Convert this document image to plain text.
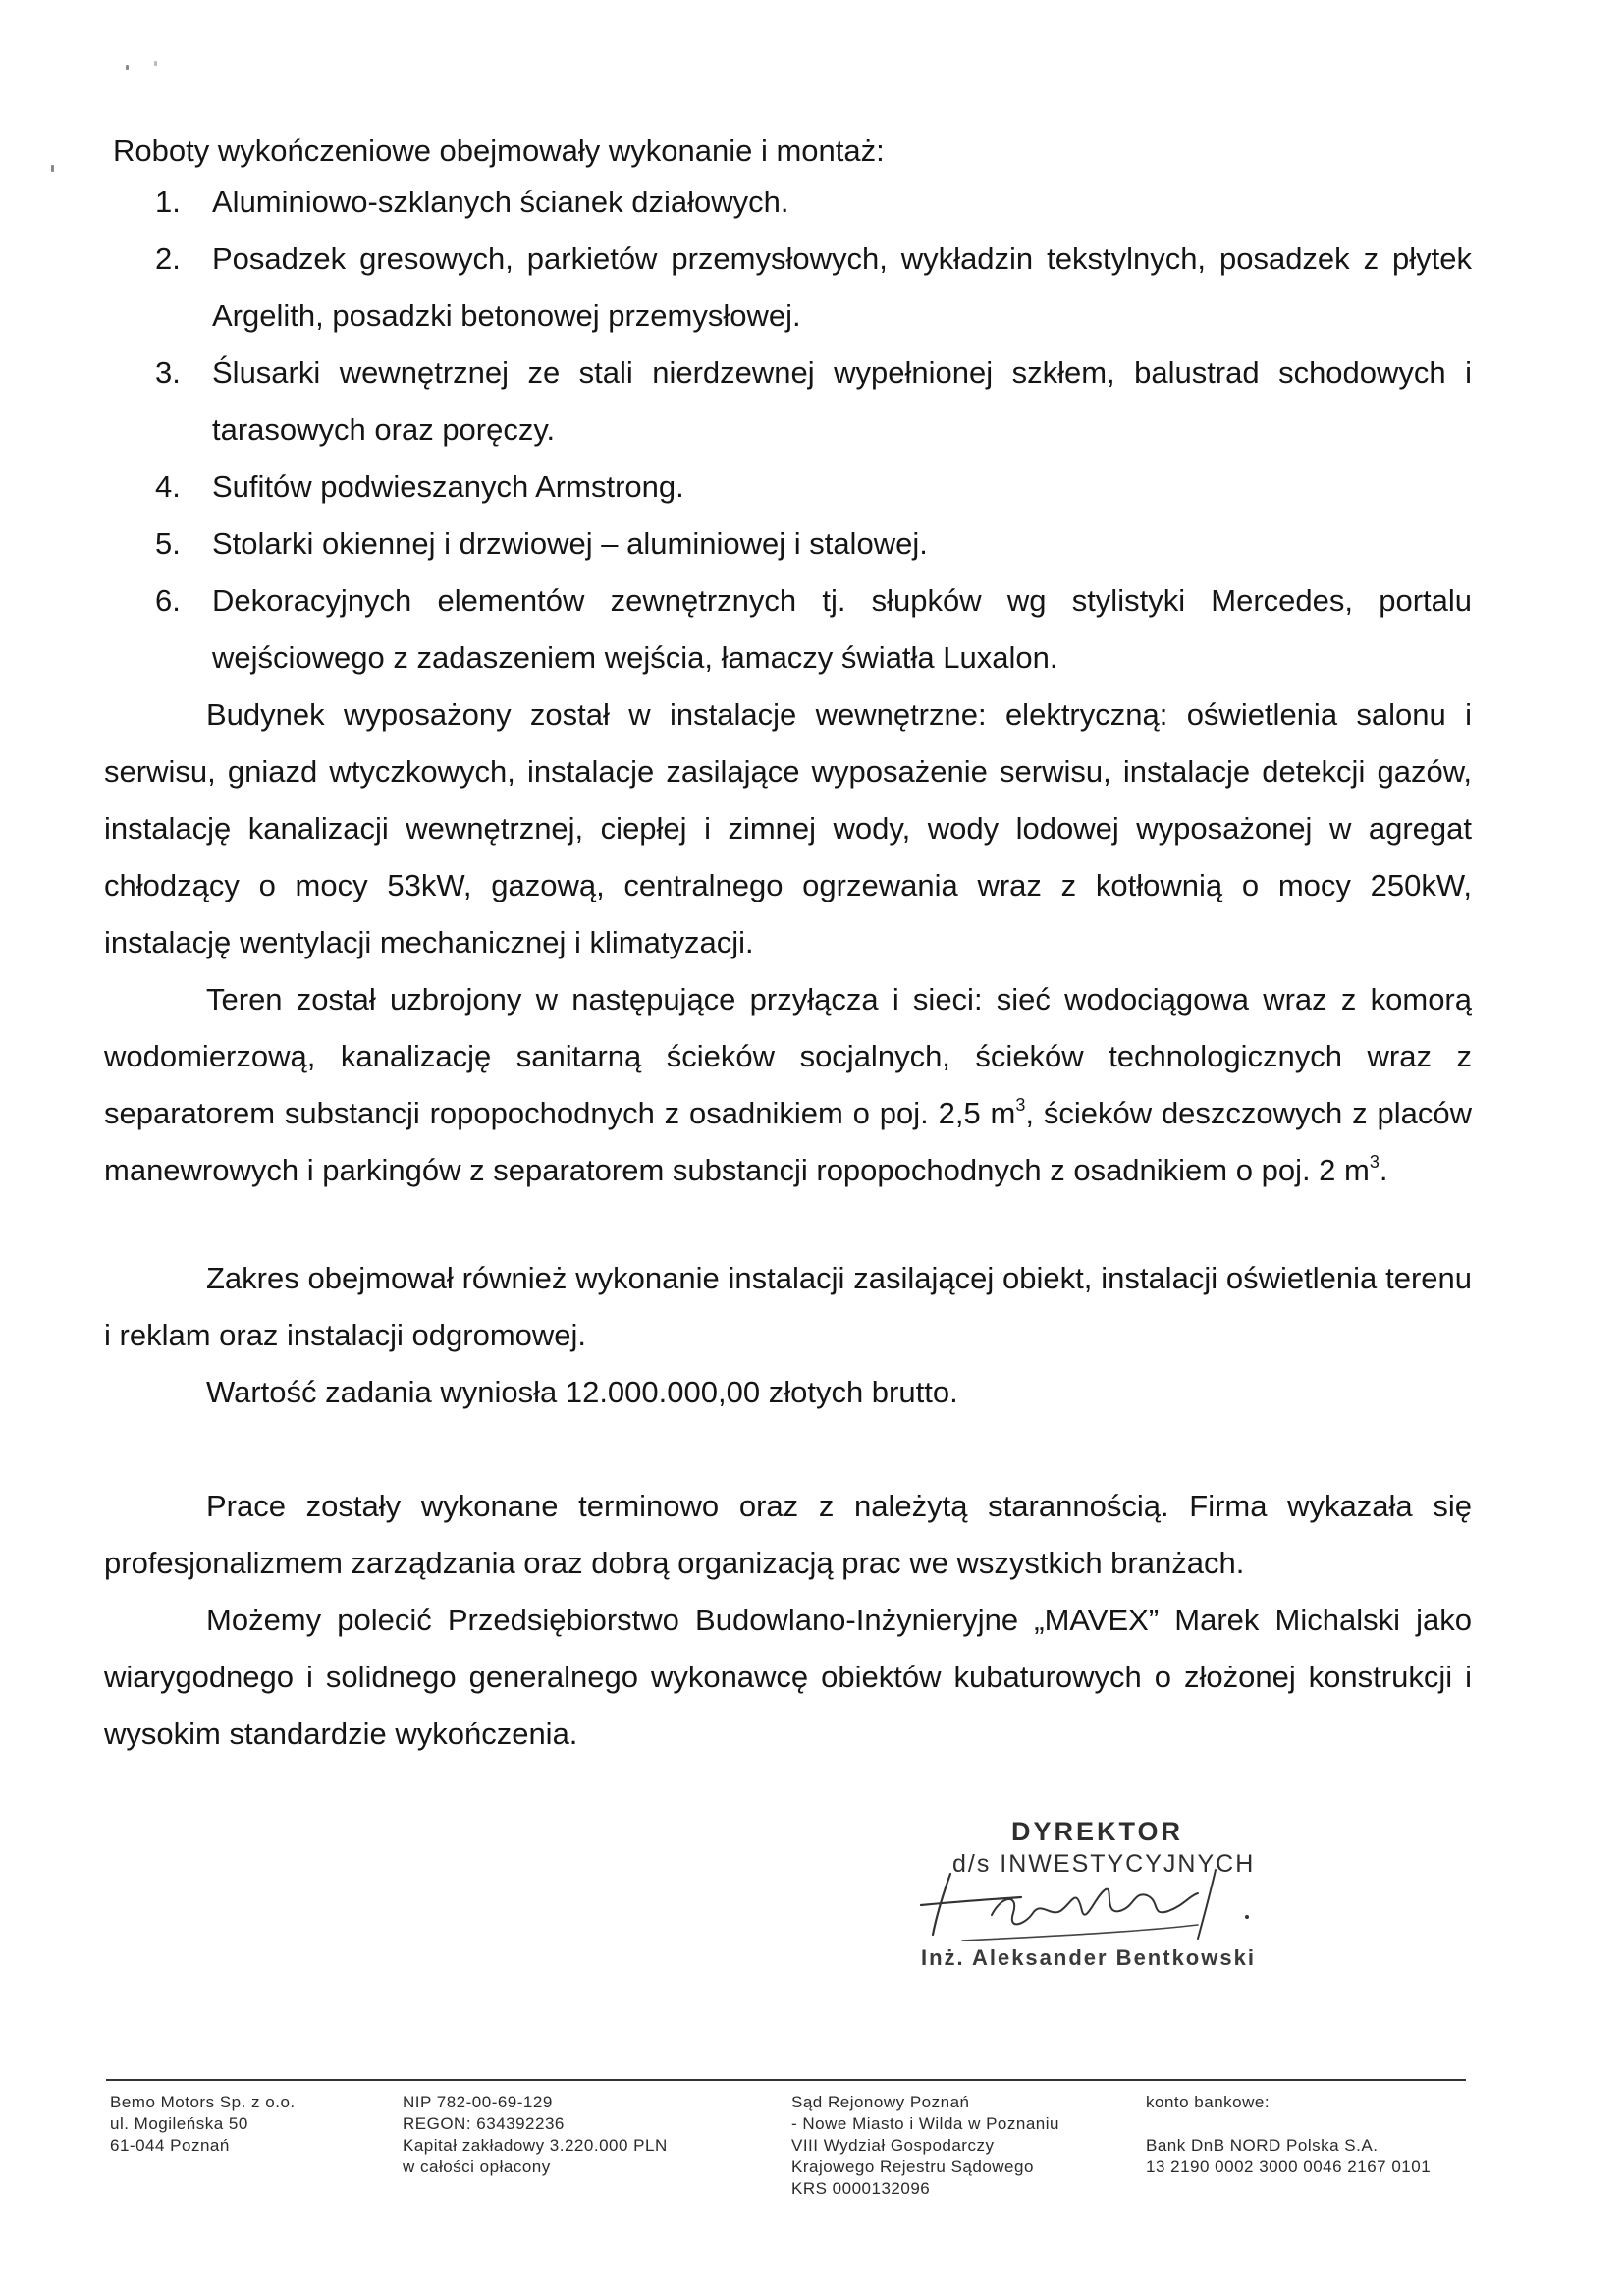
Roboty wykończeniowe obejmowały wykonanie i montaż:

1. Aluminiowo-szklanych ścianek działowych.
2. Posadzek gresowych, parkietów przemysłowych, wykładzin tekstylnych, posadzek z płytek Argelith, posadzki betonowej przemysłowej.
3. Ślusarki wewnętrznej ze stali nierdzewnej wypełnionej szkłem, balustrad schodowych i tarasowych oraz poręczy.
4. Sufitów podwieszanych Armstrong.
5. Stolarki okiennej i drzwiowej – aluminiowej i stalowej.
6. Dekoracyjnych elementów zewnętrznych tj. słupków wg stylistyki Mercedes, portalu wejściowego z zadaszeniem wejścia, łamaczy światła Luxalon.

Budynek wyposażony został w instalacje wewnętrzne: elektryczną: oświetlenia salonu i serwisu, gniazd wtyczkowych, instalacje zasilające wyposażenie serwisu, instalacje detekcji gazów, instalację kanalizacji wewnętrznej, ciepłej i zimnej wody, wody lodowej wyposażonej w agregat chłodzący o mocy 53kW, gazową, centralnego ogrzewania wraz z kotłownią o mocy 250kW, instalację wentylacji mechanicznej i klimatyzacji.

Teren został uzbrojony w następujące przyłącza i sieci: sieć wodociągowa wraz z komorą wodomierzową, kanalizację sanitarną ścieków socjalnych, ścieków technologicznych wraz z separatorem substancji ropopochodnych z osadnikiem o poj. 2,5 $m^3$, ścieków deszczowych z placów manewrowych i parkingów z separatorem substancji ropopochodnych z osadnikiem o poj. 2 $m^3$.

Zakres obejmował również wykonanie instalacji zasilającej obiekt, instalacji oświetlenia terenu i reklam oraz instalacji odgromowej.

Wartość zadania wyniosła 12.000.000,00 złotych brutto.

Prace zostały wykonane terminowo oraz z należytą starannością. Firma wykazała się profesjonalizmem zarządzania oraz dobrą organizacją prac we wszystkich branżach.

Możemy polecić Przedsiębiorstwo Budowlano-Inżynieryjne „MAVEX” Marek Michalski jako wiarygodnego i solidnego generalnego wykonawcę obiektów kubaturowych o złożonej konstrukcji i wysokim standardzie wykończenia.

DYREKTOR
d/s INWESTYCYJNYCH
Inż. Aleksander Bentkowski
Bemo Motors Sp. z o.o.
ul. Mogileńska 50
61-044 Poznań
NIP 782-00-69-129
REGON: 634392236
Kapitał zakładowy 3.220.000 PLN
w całości opłacony
Sąd Rejonowy Poznań
- Nowe Miasto i Wilda w Poznaniu
VIII Wydział Gospodarczy
Krajowego Rejestru Sądowego
KRS 0000132096
konto bankowe:

Bank DnB NORD Polska S.A.
13 2190 0002 3000 0046 2167 0101
